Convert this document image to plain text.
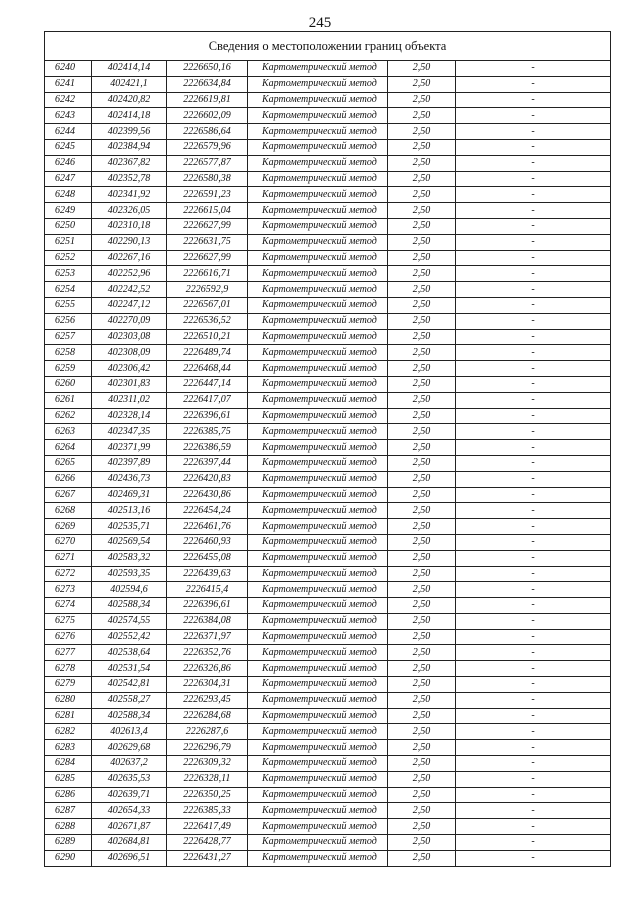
245
Сведения о местоположении границ объекта
6240	402414,14	2226650,16	Картометрический метод	2,50	-
6241	402421,1	2226634,84	Картометрический метод	2,50	-
6242	402420,82	2226619,81	Картометрический метод	2,50	-
6243	402414,18	2226602,09	Картометрический метод	2,50	-
6244	402399,56	2226586,64	Картометрический метод	2,50	-
6245	402384,94	2226579,96	Картометрический метод	2,50	-
6246	402367,82	2226577,87	Картометрический метод	2,50	-
6247	402352,78	2226580,38	Картометрический метод	2,50	-
6248	402341,92	2226591,23	Картометрический метод	2,50	-
6249	402326,05	2226615,04	Картометрический метод	2,50	-
6250	402310,18	2226627,99	Картометрический метод	2,50	-
6251	402290,13	2226631,75	Картометрический метод	2,50	-
6252	402267,16	2226627,99	Картометрический метод	2,50	-
6253	402252,96	2226616,71	Картометрический метод	2,50	-
6254	402242,52	2226592,9	Картометрический метод	2,50	-
6255	402247,12	2226567,01	Картометрический метод	2,50	-
6256	402270,09	2226536,52	Картометрический метод	2,50	-
6257	402303,08	2226510,21	Картометрический метод	2,50	-
6258	402308,09	2226489,74	Картометрический метод	2,50	-
6259	402306,42	2226468,44	Картометрический метод	2,50	-
6260	402301,83	2226447,14	Картометрический метод	2,50	-
6261	402311,02	2226417,07	Картометрический метод	2,50	-
6262	402328,14	2226396,61	Картометрический метод	2,50	-
6263	402347,35	2226385,75	Картометрический метод	2,50	-
6264	402371,99	2226386,59	Картометрический метод	2,50	-
6265	402397,89	2226397,44	Картометрический метод	2,50	-
6266	402436,73	2226420,83	Картометрический метод	2,50	-
6267	402469,31	2226430,86	Картометрический метод	2,50	-
6268	402513,16	2226454,24	Картометрический метод	2,50	-
6269	402535,71	2226461,76	Картометрический метод	2,50	-
6270	402569,54	2226460,93	Картометрический метод	2,50	-
6271	402583,32	2226455,08	Картометрический метод	2,50	-
6272	402593,35	2226439,63	Картометрический метод	2,50	-
6273	402594,6	2226415,4	Картометрический метод	2,50	-
6274	402588,34	2226396,61	Картометрический метод	2,50	-
6275	402574,55	2226384,08	Картометрический метод	2,50	-
6276	402552,42	2226371,97	Картометрический метод	2,50	-
6277	402538,64	2226352,76	Картометрический метод	2,50	-
6278	402531,54	2226326,86	Картометрический метод	2,50	-
6279	402542,81	2226304,31	Картометрический метод	2,50	-
6280	402558,27	2226293,45	Картометрический метод	2,50	-
6281	402588,34	2226284,68	Картометрический метод	2,50	-
6282	402613,4	2226287,6	Картометрический метод	2,50	-
6283	402629,68	2226296,79	Картометрический метод	2,50	-
6284	402637,2	2226309,32	Картометрический метод	2,50	-
6285	402635,53	2226328,11	Картометрический метод	2,50	-
6286	402639,71	2226350,25	Картометрический метод	2,50	-
6287	402654,33	2226385,33	Картометрический метод	2,50	-
6288	402671,87	2226417,49	Картометрический метод	2,50	-
6289	402684,81	2226428,77	Картометрический метод	2,50	-
6290	402696,51	2226431,27	Картометрический метод	2,50	-
